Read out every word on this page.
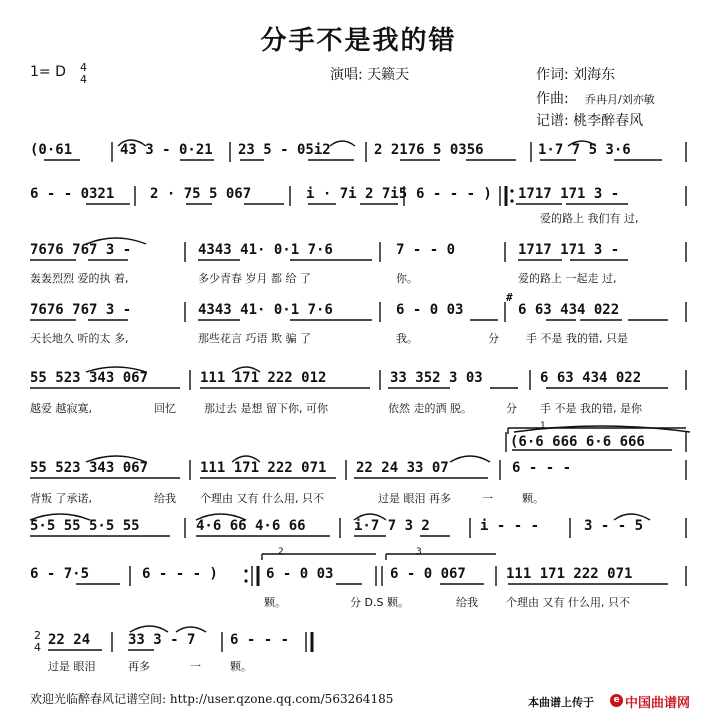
分手不是我的错
1= D 4
4	演唱: 天籁天	作词: 刘海东
作曲: 乔冉月/刘亦敏
记谱: 桃李醉春风
(0·61	43 3 - 0·21 23 5 - 05i2	2 2176 5 0356	1·7 7 5 3·6
6 - - 0321	2 · 75 5 067	i · 7i 2 7i5 6 - - - ) 1717 171 3 -
爱的路上 我们有 过,
7676 767 3 -	4343 41· 0·1 7·6	7 - - 0	1717 171 3 -
轰轰烈烈 爱的执 着,	多少青春 岁月 都 给 了	你。	爱的路上 一起走 过,
7676 767 3 -	4343 41· 0·1 7·6	6 - 0 03
#
6 63 434 022
天长地久 听的太 多,	那些花言 巧语 欺 骗 了	我。	分 手 不是 我的错, 只是
55 523 343 067	111 171 222 012	33 352 3 03	6 63 434 022
越爱 越寂寞,	回忆	那过去 是想 留下你, 可你	依然 走的洒 脱。	分 手 不是 我的错, 是你
(6·6 666 6·6 666
55 523 343 067	111 171 222 071 22 24 33 07	6 - - -
背叛 了承诺,	给我 个理由 又有 什么用, 只不	过是 眼泪 再多	一	颗。
5·5 55 5·5 55	4·6 66 4·6 66	i·7 7 3 2	i - - -	3 - - 5
2	3
1
6 - 7·5	6 - - - )	6 - 0 03	6 - 0 067	111 171 222 071
颗。	分 D.S 颗。	给我	个理由 又有 什么用, 只不
2
4 22 24	33 3 - 7 6 - - -
过是 眼泪	再多	一	颗。
欢迎光临醉春风记谱空间: http://user.qzone.qq.com/563264185	本曲谱上传于	e 中国曲谱网
